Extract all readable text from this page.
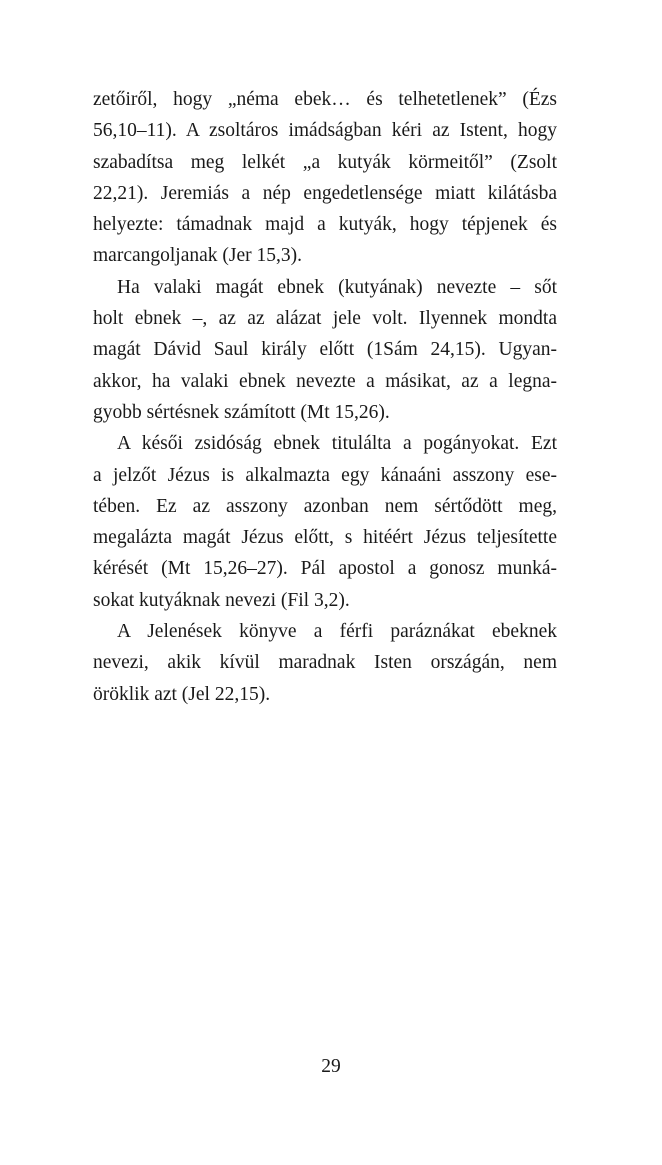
zetőiről, hogy „néma ebek… és telhetetlenek” (Ézs
56,10–11). A zsoltáros imádságban kéri az Istent, hogy
szabadítsa meg lelkét „a kutyák körmeitől” (Zsolt
22,21). Jeremiás a nép engedetlensége miatt kilátásba
helyezte: támadnak majd a kutyák, hogy tépjenek és
marcangoljanak (Jer 15,3).
Ha valaki magát ebnek (kutyának) nevezte – sőt
holt ebnek –, az az alázat jele volt. Ilyennek mondta
magát Dávid Saul király előtt (1Sám 24,15). Ugyan-
akkor, ha valaki ebnek nevezte a másikat, az a legna-
gyobb sértésnek számított (Mt 15,26).
A késői zsidóság ebnek titulálta a pogányokat. Ezt
a jelzőt Jézus is alkalmazta egy kánaáni asszony ese-
tében. Ez az asszony azonban nem sértődött meg,
megalázta magát Jézus előtt, s hitéért Jézus teljesítette
kérését (Mt 15,26–27). Pál apostol a gonosz munká-
sokat kutyáknak nevezi (Fil 3,2).
A Jelenések könyve a férfi paráznákat ebeknek
nevezi, akik kívül maradnak Isten országán, nem
öröklik azt (Jel 22,15).
29
